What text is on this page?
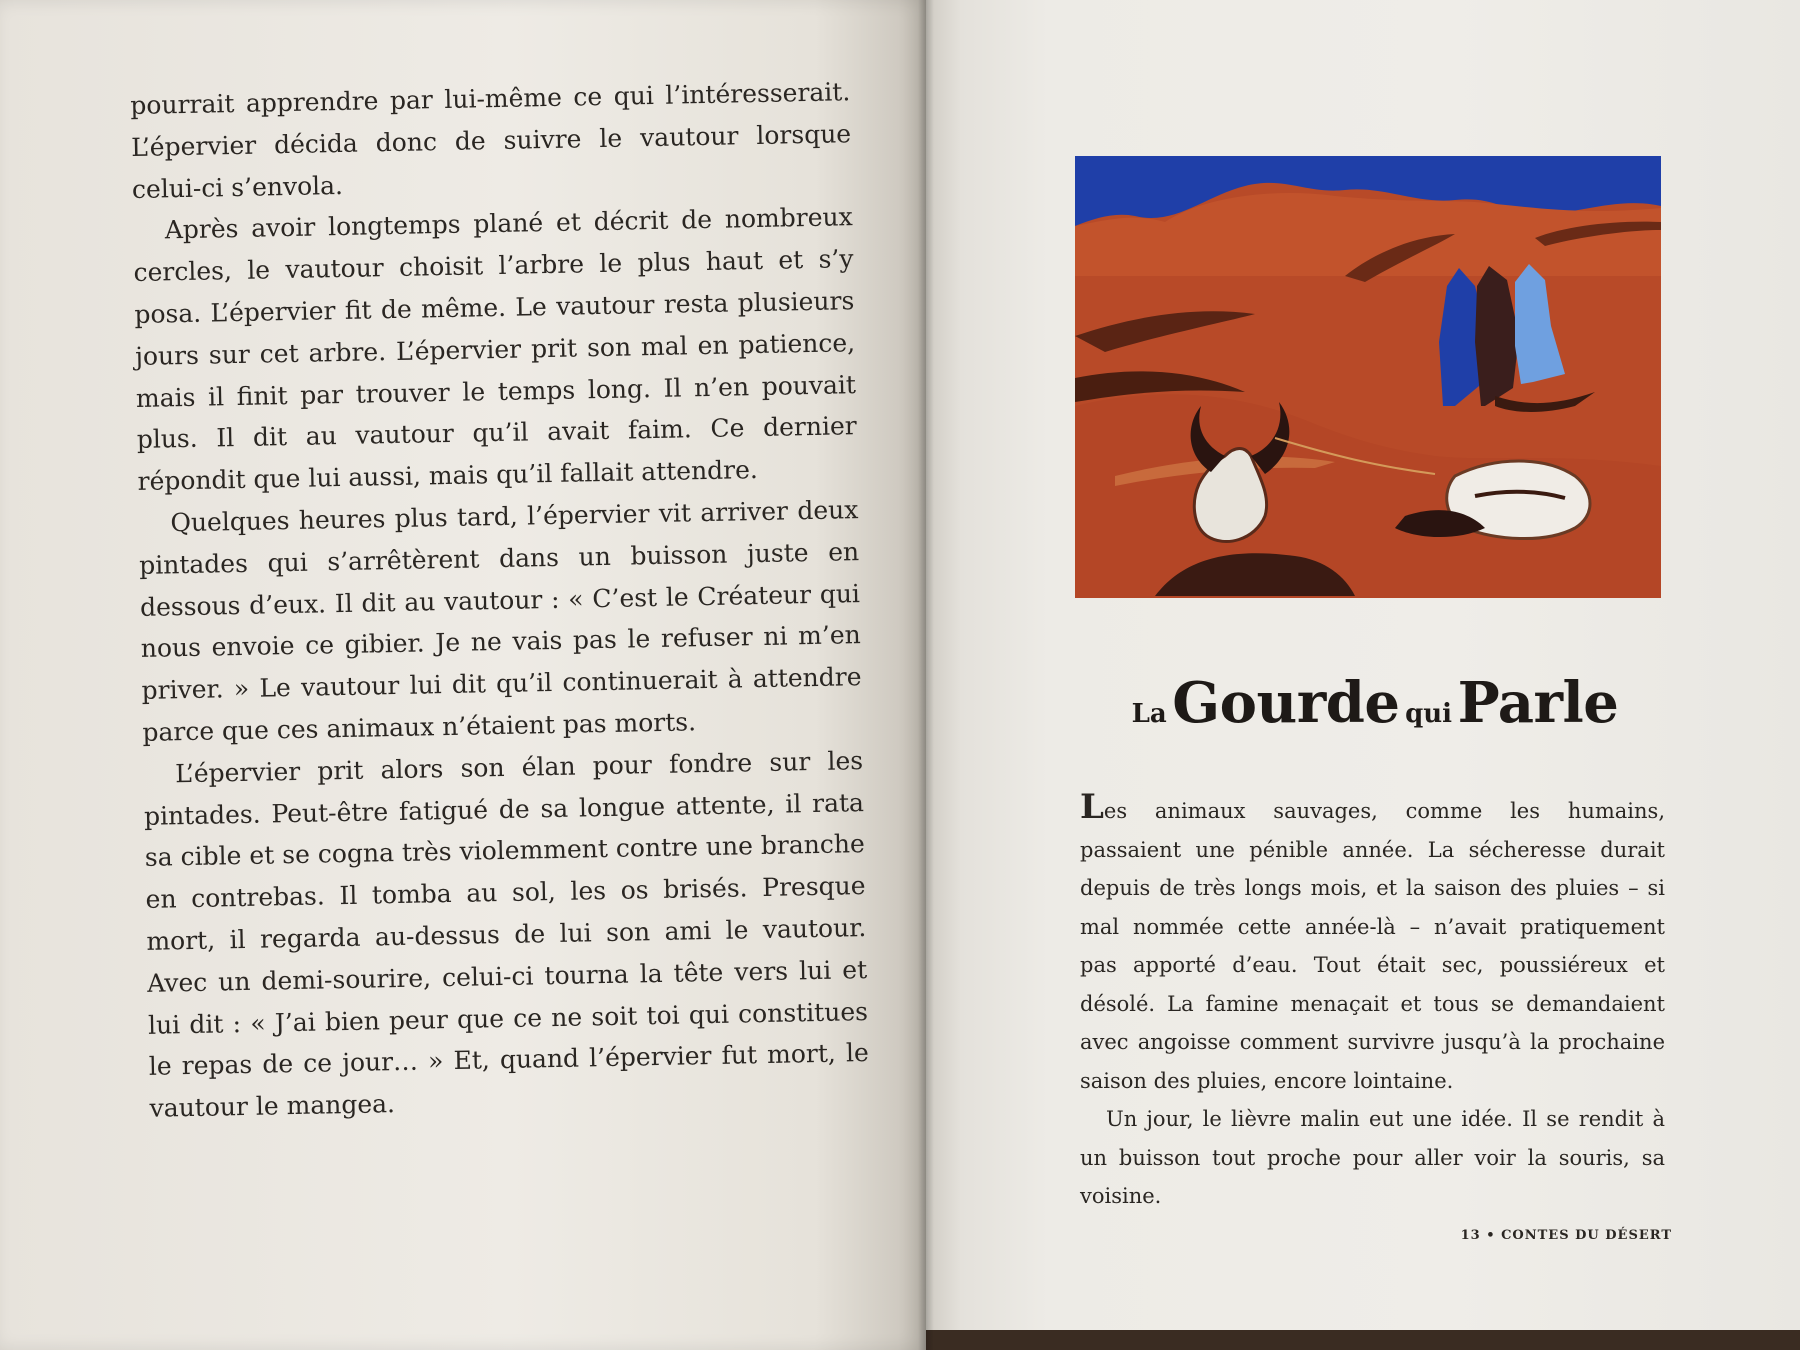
pourrait apprendre par lui-même ce qui l’intéresserait. L’épervier décida donc de suivre le vautour lorsque celui-ci s’envola.

Après avoir longtemps plané et décrit de nombreux cercles, le vautour choisit l’arbre le plus haut et s’y posa. L’épervier fit de même. Le vautour resta plusieurs jours sur cet arbre. L’épervier prit son mal en patience, mais il finit par trouver le temps long. Il n’en pouvait plus. Il dit au vautour qu’il avait faim. Ce dernier répondit que lui aussi, mais qu’il fallait attendre.

Quelques heures plus tard, l’épervier vit arriver deux pintades qui s’arrêtèrent dans un buisson juste en dessous d’eux. Il dit au vautour : « C’est le Créateur qui nous envoie ce gibier. Je ne vais pas le refuser ni m’en priver. » Le vautour lui dit qu’il continuerait à attendre parce que ces animaux n’étaient pas morts.

L’épervier prit alors son élan pour fondre sur les pintades. Peut-être fatigué de sa longue attente, il rata sa cible et se cogna très violemment contre une branche en contrebas. Il tomba au sol, les os brisés. Presque mort, il regarda au-dessus de lui son ami le vautour. Avec un demi-sourire, celui-ci tourna la tête vers lui et lui dit : « J’ai bien peur que ce ne soit toi qui constitues le repas de ce jour… » Et, quand l’épervier fut mort, le vautour le mangea.

La Gourde qui Parle

Les animaux sauvages, comme les humains, passaient une pénible année. La sécheresse durait depuis de très longs mois, et la saison des pluies – si mal nommée cette année-là – n’avait pratiquement pas apporté d’eau. Tout était sec, poussiéreux et désolé. La famine menaçait et tous se demandaient avec angoisse comment survivre jusqu’à la prochaine saison des pluies, encore lointaine.

Un jour, le lièvre malin eut une idée. Il se rendit à un buisson tout proche pour aller voir la souris, sa voisine.

13 • CONTES DU DÉSERT
